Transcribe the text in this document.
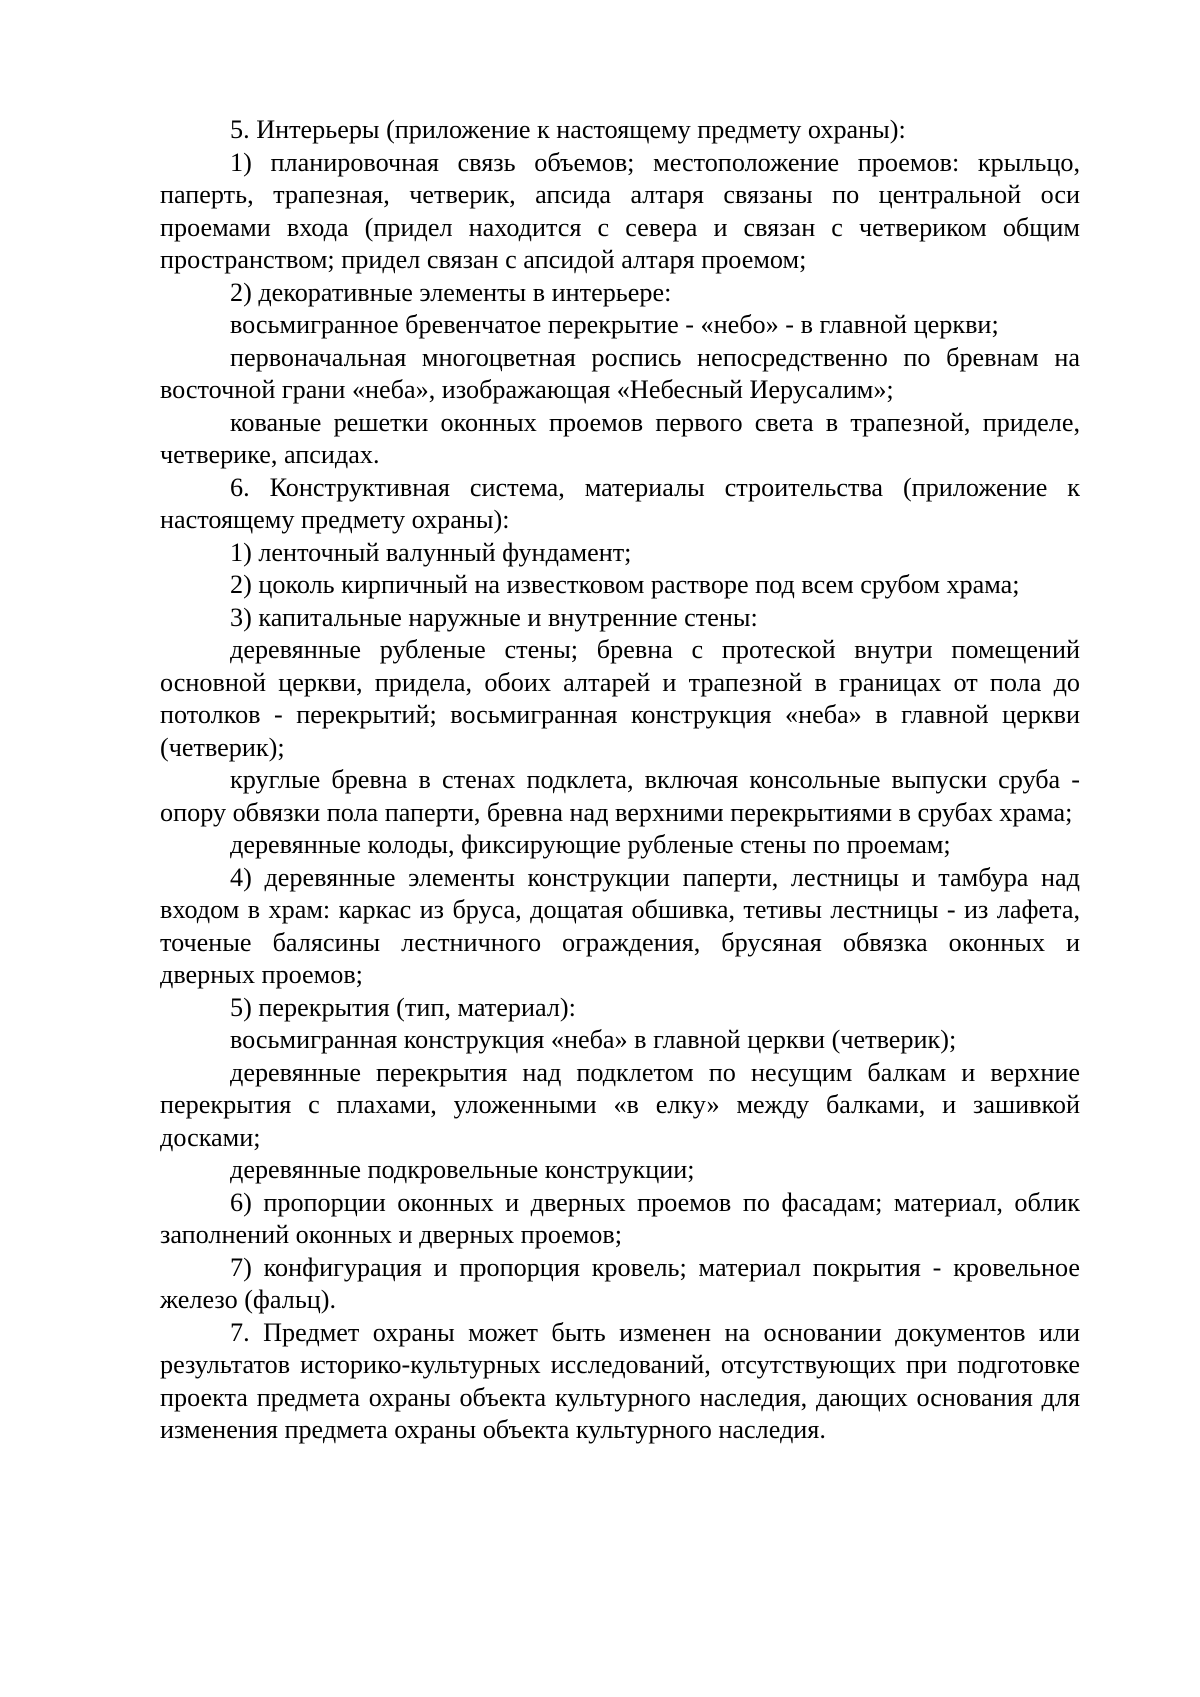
5. Интерьеры (приложение к настоящему предмету охраны):

1) планировочная связь объемов; местоположение проемов: крыльцо, паперть, трапезная, четверик, апсида алтаря связаны по центральной оси проемами входа (придел находится с севера и связан с четвериком общим пространством; придел связан с апсидой алтаря проемом;

2) декоративные элементы в интерьере:

восьмигранное бревенчатое перекрытие - «небо» - в главной церкви;

первоначальная многоцветная роспись непосредственно по бревнам на восточной грани «неба», изображающая «Небесный Иерусалим»;

кованые решетки оконных проемов первого света в трапезной, приделе, четверике, апсидах.

6. Конструктивная система, материалы строительства (приложение к настоящему предмету охраны):

1) ленточный валунный фундамент;

2) цоколь кирпичный на известковом растворе под всем срубом храма;

3) капитальные наружные и внутренние стены:

деревянные рубленые стены; бревна с протеской внутри помещений основной церкви, придела, обоих алтарей и трапезной в границах от пола до потолков - перекрытий; восьмигранная конструкция «неба» в главной церкви (четверик);

круглые бревна в стенах подклета, включая консольные выпуски сруба - опору обвязки пола паперти, бревна над верхними перекрытиями в срубах храма;

деревянные колоды, фиксирующие рубленые стены по проемам;

4) деревянные элементы конструкции паперти, лестницы и тамбура над входом в храм: каркас из бруса, дощатая обшивка, тетивы лестницы - из лафета, точеные балясины лестничного ограждения, брусяная обвязка оконных и дверных проемов;

5) перекрытия (тип, материал):

восьмигранная конструкция «неба» в главной церкви (четверик);

деревянные перекрытия над подклетом по несущим балкам и верхние перекрытия с плахами, уложенными «в елку» между балками, и зашивкой досками;

деревянные подкровельные конструкции;

6) пропорции оконных и дверных проемов по фасадам; материал, облик заполнений оконных и дверных проемов;

7) конфигурация и пропорция кровель; материал покрытия - кровельное железо (фальц).

7. Предмет охраны может быть изменен на основании документов или результатов историко-культурных исследований, отсутствующих при подготовке проекта предмета охраны объекта культурного наследия, дающих основания для изменения предмета охраны объекта культурного наследия.
